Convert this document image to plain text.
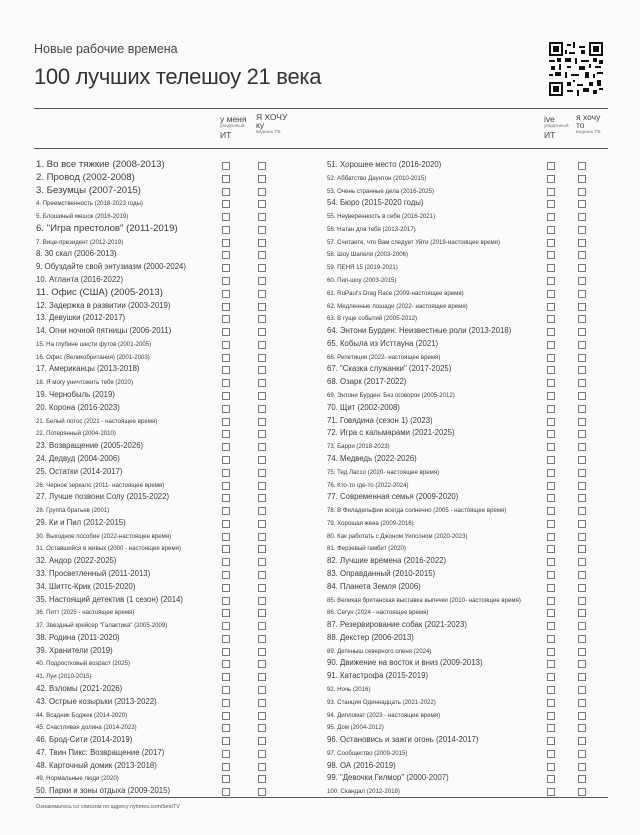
Новые рабочие времена
100 лучших телешоу 21 века
у меня
увиденный
ИТ
Я ХОЧУ
ку
видишь ТВ
ive
увиденный
ИТ
я хочу
то
видишь ТВ
1. Во все тяжкие (2008-2013)
2. Провод (2002-2008)
3. Безумцы (2007-2015)
4. Преемственность (2018-2023 годы)
5. Блошиный мешок (2016-2019)
6. "Игра престолов" (2011-2019)
7. Вице-президент (2012-2019)
8. 30 скал (2006-2013)
9. Обуздайте свой энтузиазм (2000-2024)
10. Атланта (2016-2022)
11. Офис (США) (2005-2013)
12. Задержка в развитии (2003-2019)
13. Девушки (2012-2017)
14. Огни ночной пятницы (2006-2011)
15. На глубине шести футов (2001-2005)
16. Офис (Великобритания) (2001-2003)
17. Американцы (2013-2018)
18. Я могу уничтожить тебя (2020)
19. Чернобыль (2019)
20. Корона (2016-2023)
21. Белый лотос (2021 - настоящее время)
22. Потерянный (2004-2010)
23. Возвращение (2005-2026)
24. Дедвуд (2004-2006)
25. Остатки (2014-2017)
26. Черное зеркало (2011- настоящее время)
27. Лучше позвони Солу (2015-2022)
28. Группа братьев (2001)
29. Ки и Пил (2012-2015)
30. Выходное пособие (2022-настоящее время)
31. Оставшийся в живых (2000 - настоящее время)
32. Андор (2022-2025)
33. Просветленный (2011-2013)
34. Шиттс-Крик (2015-2020)
35. Настоящий детектив (1 сезон) (2014)
36. Питт (2025 - настоящее время)
37. Звездный крейсер "Галактика" (2005-2009)
38. Родина (2011-2020)
39. Хранители (2019)
40. Подростковый возраст (2025)
41. Луи (2010-2015)
42. Взломы (2021-2026)
43. Острые козырьки (2013-2022)
44. Всадник Боджек (2014-2020)
45. Счастливая долина (2014-2023)
46. Брод-Сити (2014-2019)
47. Твин Пикс: Возвращение (2017)
48. Карточный домик (2013-2018)
49. Нормальные люди (2020)
50. Парки и зоны отдыха (2009-2015)
51. Хорошее место (2016-2020)
52. Аббатство Даунтон (2010-2015)
53. Очень странные дела (2016-2025)
54. Бюро (2015-2020 годы)
55. Неуверенность в себе (2016-2021)
56. Натан для тебя (2013-2017)
57. Считаете, что Вам следует Уйти (2019-настоящее время)
58. Шоу Шапеля (2003-2006)
59. ПЕНЯ 15 (2019-2021)
60. Пип-шоу (2003-2015)
61. RuPaul's Drag Race (2009-настоящее время)
62. Медленные лошади (2022- настоящее время)
63. В гуще событий (2005-2012)
64. Энтони Бурден: Неизвестные роли (2013-2018)
65. Кобыла из Исттауна (2021)
66. Репетиция (2022- настоящее время)
67. "Сказка служанки" (2017-2025)
68. Озарк (2017-2022)
69. Энтони Бурден: Без оговорок (2005-2012)
70. Щит (2002-2008)
71. Говядина (сезон 1) (2023)
72. Игра с кальмарами (2021-2025)
73. Барри (2018-2023)
74. Медведь (2022-2026)
75. Тед Лассо (2020- настоящее время)
76. Кто-то где-то (2022-2024)
77. Современная семья (2009-2020)
78. В Филадельфии всегда солнечно (2005 - настоящее время)
79. Хорошая жена (2009-2016)
80. Как работать с Джоном Уилсоном (2020-2023)
81. Ферзевый гамбит (2020)
82. Лучшие времена (2016-2022)
83. Оправданный (2010-2015)
84. Планета Земля (2006)
85. Великая британская выставка выпечки (2010- настоящее время)
86. Сегун (2024 - настоящее время)
87. Резервирование собак (2021-2023)
88. Декстер (2006-2013)
89. Детеныш северного оленя (2024)
90. Движение на восток и вниз (2009-2013)
91. Катастрофа (2015-2019)
92. Ночь (2016)
93. Станция Одиннадцать (2021-2022)
94. Дипломат (2023 - настоящее время)
95. Дом (2004-2012)
96. Остановись и зажги огонь (2014-2017)
97. Сообщество (2009-2015)
98. ОА (2016-2019)
99. "Девочки Гилмор" (2000-2007)
100. Скандал (2012-2018)
Ознакомьтесь со списком по адресу nytimes.com/bestTV
